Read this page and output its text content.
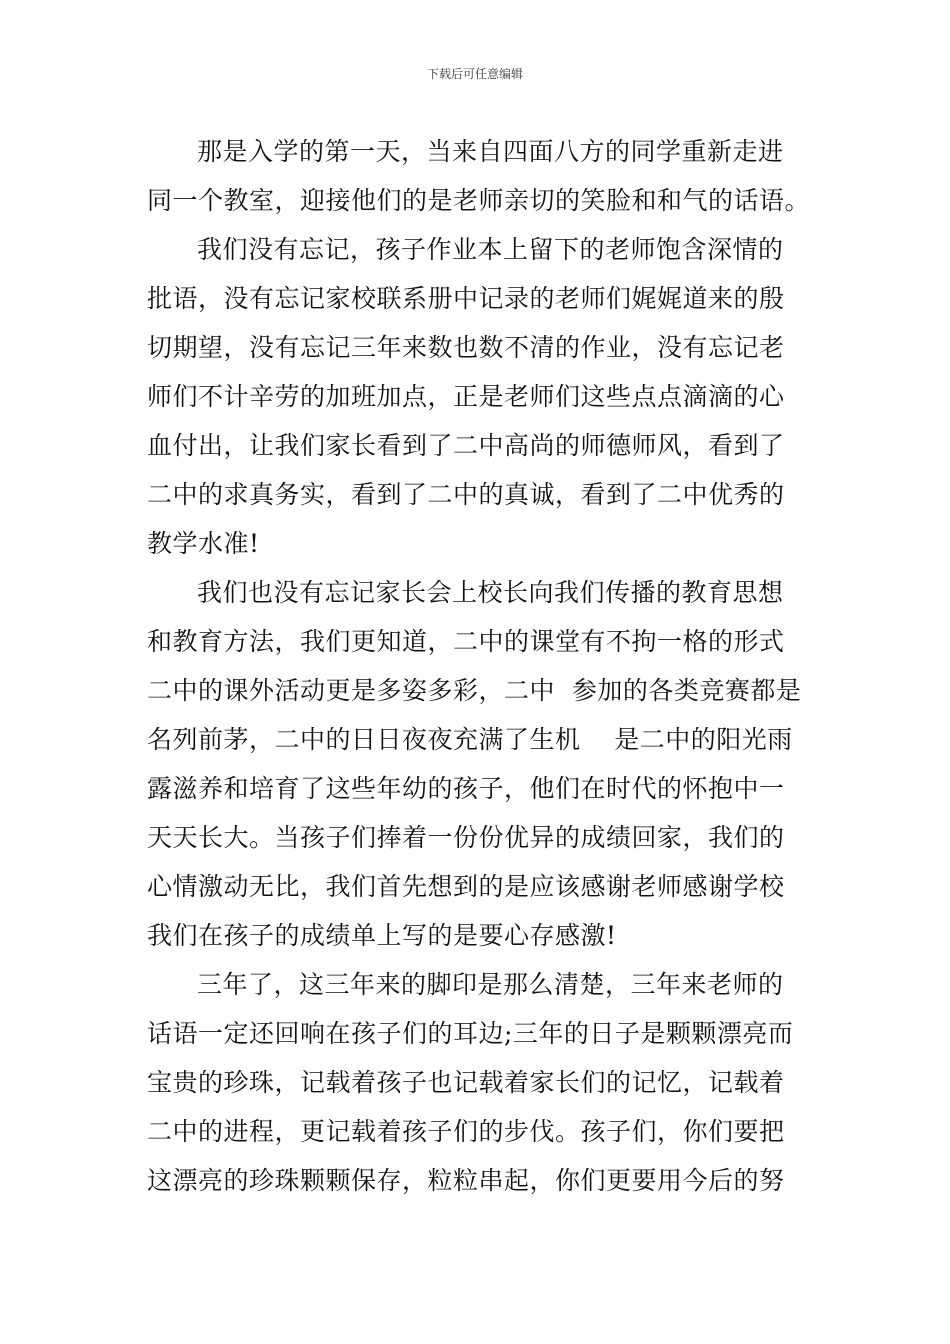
下载后可任意编辑
那是入学的第一天，当来自四面八方的同学重新走进
同一个教室，迎接他们的是老师亲切的笑脸和和气的话语。
我们没有忘记，孩子作业本上留下的老师饱含深情的
批语，没有忘记家校联系册中记录的老师们娓娓道来的殷
切期望，没有忘记三年来数也数不清的作业，没有忘记老
师们不计辛劳的加班加点，正是老师们这些点点滴滴的心
血付出，让我们家长看到了二中高尚的师德师风，看到了
二中的求真务实，看到了二中的真诚，看到了二中优秀的
教学水准!
我们也没有忘记家长会上校长向我们传播的教育思想
和教育方法，我们更知道，二中的课堂有不拘一格的形式
二中的课外活动更是多姿多彩，二中  参加的各类竞赛都是
名列前茅，二中的日日夜夜充满了生机    是二中的阳光雨
露滋养和培育了这些年幼的孩子，他们在时代的怀抱中一
天天长大。当孩子们捧着一份份优异的成绩回家，我们的
心情激动无比，我们首先想到的是应该感谢老师感谢学校
我们在孩子的成绩单上写的是要心存感激!
三年了，这三年来的脚印是那么清楚，三年来老师的
话语一定还回响在孩子们的耳边;三年的日子是颗颗漂亮而
宝贵的珍珠，记载着孩子也记载着家长们的记忆，记载着
二中的进程，更记载着孩子们的步伐。孩子们，你们要把
这漂亮的珍珠颗颗保存，粒粒串起，你们更要用今后的努
